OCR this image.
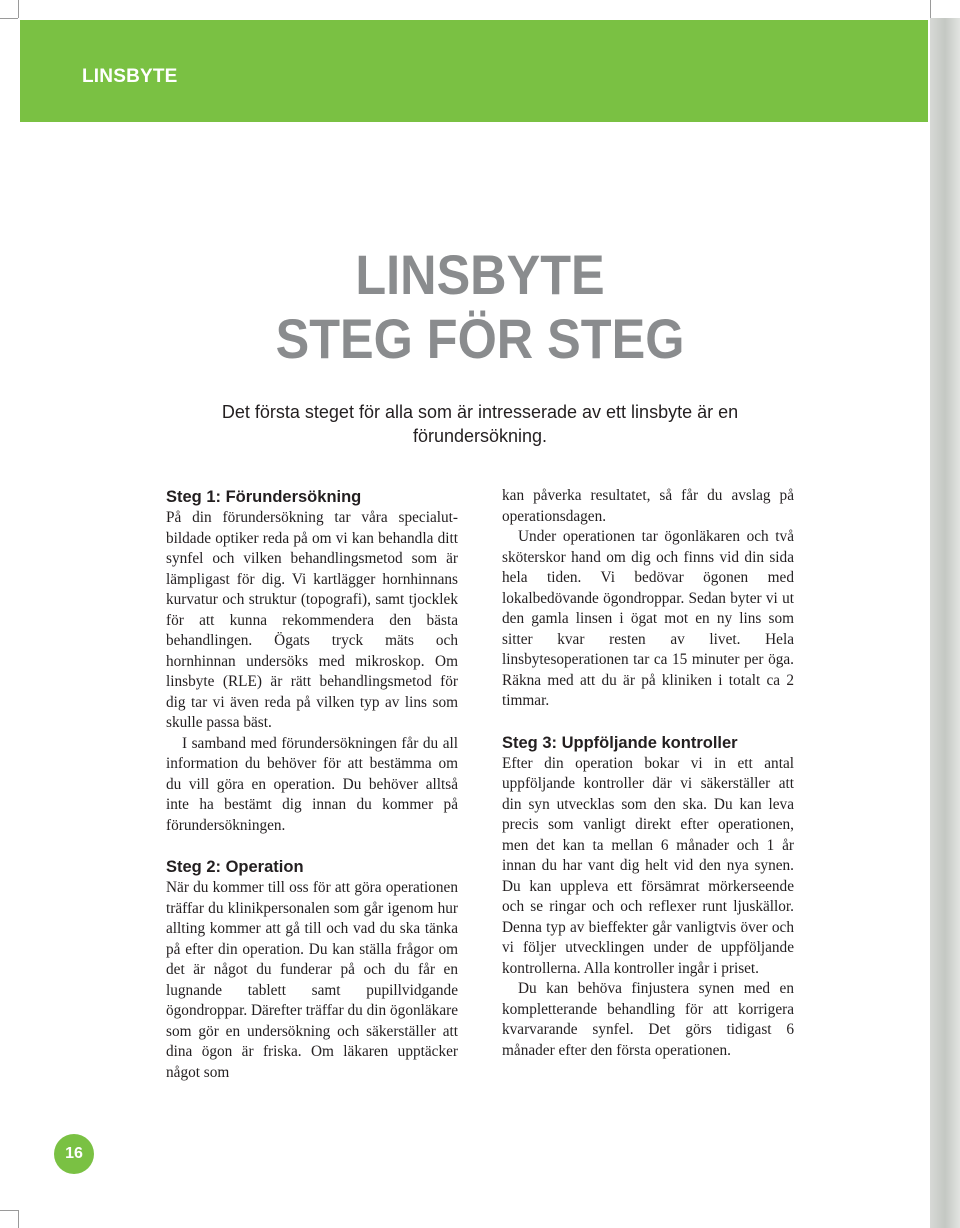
LINSBYTE
LINSBYTE
STEG FÖR STEG
Det första steget för alla som är intresserade av ett linsbyte är en förundersökning.
Steg 1: Förundersökning

På din förundersökning tar våra specialutbildade optiker reda på om vi kan behandla ditt synfel och vilken behandlingsmetod som är lämpligast för dig. Vi kartlägger hornhinnans kurvatur och struktur (topografi), samt tjocklek för att kunna rekommendera den bästa behandlingen. Ögats tryck mäts och hornhinnan undersöks med mikroskop. Om linsbyte (RLE) är rätt behandlingsmetod för dig tar vi även reda på vilken typ av lins som skulle passa bäst.

I samband med förundersökningen får du all information du behöver för att bestämma om du vill göra en operation. Du behöver alltså inte ha bestämt dig innan du kommer på förundersökningen.

Steg 2: Operation

När du kommer till oss för att göra operationen träffar du klinikpersonalen som går igenom hur allting kommer att gå till och vad du ska tänka på efter din operation. Du kan ställa frågor om det är något du funderar på och du får en lugnande tablett samt pupillvidgande ögondroppar. Därefter träffar du din ögonläkare som gör en undersökning och säkerställer att dina ögon är friska. Om läkaren upptäcker något som

kan påverka resultatet, så får du avslag på operationsdagen.

Under operationen tar ögonläkaren och två sköterskor hand om dig och finns vid din sida hela tiden. Vi bedövar ögonen med lokalbedövande ögondroppar. Sedan byter vi ut den gamla linsen i ögat mot en ny lins som sitter kvar resten av livet. Hela linsbytesoperationen tar ca 15 minuter per öga. Räkna med att du är på kliniken i totalt ca 2 timmar.

Steg 3: Uppföljande kontroller

Efter din operation bokar vi in ett antal uppföljande kontroller där vi säkerställer att din syn utvecklas som den ska. Du kan leva precis som vanligt direkt efter operationen, men det kan ta mellan 6 månader och 1 år innan du har vant dig helt vid den nya synen. Du kan uppleva ett försämrat mörkerseende och se ringar och och reflexer runt ljuskällor. Denna typ av bieffekter går vanligtvis över och vi följer utvecklingen under de uppföljande kontrollerna. Alla kontroller ingår i priset.

Du kan behöva finjustera synen med en kompletterande behandling för att korrigera kvarvarande synfel. Det görs tidigast 6 månader efter den första operationen.

16
